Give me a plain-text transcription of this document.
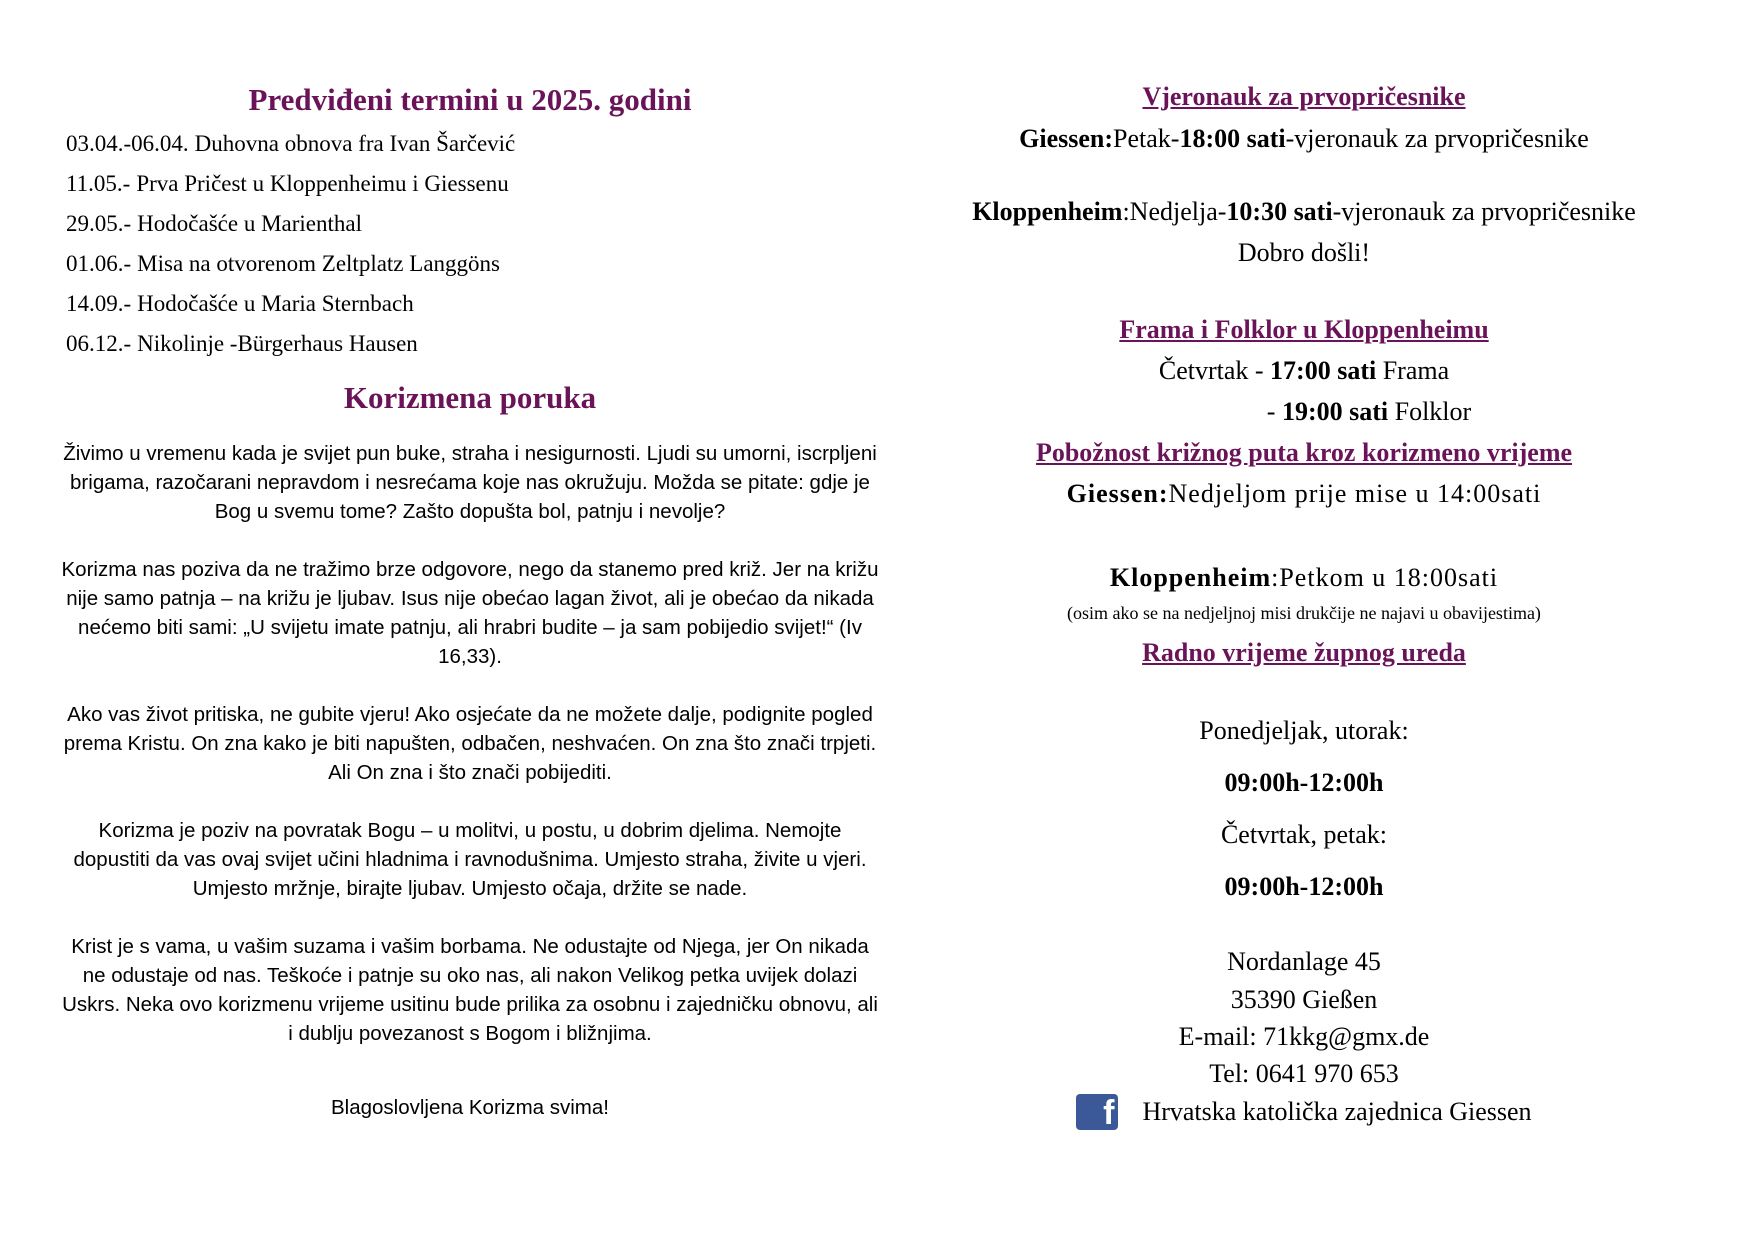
Predviđeni termini u 2025. godini
03.04.-06.04. Duhovna obnova fra Ivan Šarčević
11.05.- Prva Pričest u Kloppenheimu i Giessenu
29.05.- Hodočašće u Marienthal
01.06.- Misa na otvorenom Zeltplatz Langgöns
14.09.- Hodočašće u Maria Sternbach
06.12.- Nikolinje -Bürgerhaus Hausen
Korizmena poruka

Živimo u vremenu kada je svijet pun buke, straha i nesigurnosti. Ljudi su umorni, iscrpljeni brigama, razočarani nepravdom i nesrećama koje nas okružuju. Možda se pitate: gdje je Bog u svemu tome? Zašto dopušta bol, patnju i nevolje?

Korizma nas poziva da ne tražimo brze odgovore, nego da stanemo pred križ. Jer na križu nije samo patnja – na križu je ljubav. Isus nije obećao lagan život, ali je obećao da nikada nećemo biti sami: „U svijetu imate patnju, ali hrabri budite – ja sam pobijedio svijet!“ (Iv 16,33).

Ako vas život pritiska, ne gubite vjeru! Ako osjećate da ne možete dalje, podignite pogled prema Kristu. On zna kako je biti napušten, odbačen, neshvaćen. On zna što znači trpjeti. Ali On zna i što znači pobijediti.

Korizma je poziv na povratak Bogu – u molitvi, u postu, u dobrim djelima. Nemojte dopustiti da vas ovaj svijet učini hladnima i ravnodušnima. Umjesto straha, živite u vjeri. Umjesto mržnje, birajte ljubav. Umjesto očaja, držite se nade.

Krist je s vama, u vašim suzama i vašim borbama. Ne odustajte od Njega, jer On nikada ne odustaje od nas. Teškoće i patnje su oko nas, ali nakon Velikog petka uvijek dolazi Uskrs. Neka ovo korizmenu vrijeme usitinu bude prilika za osobnu i zajedničku obnovu, ali i dublju povezanost s Bogom i bližnjima.

Blagoslovljena Korizma svima!
Vjeronauk za prvopričesnike
Giessen:Petak-18:00 sati-vjeronauk za prvopričesnike
Kloppenheim:Nedjelja-10:30 sati-vjeronauk za prvopričesnike
Dobro došli!
Frama i Folklor u Kloppenheimu
Četvrtak - 17:00 sati Frama
- 19:00 sati Folklor
Pobožnost križnog puta kroz korizmeno vrijeme
Giessen:Nedjeljom prije mise u 14:00sati
Kloppenheim:Petkom u 18:00sati
(osim ako se na nedjeljnoj misi drukčije ne najavi u obavijestima)
Radno vrijeme župnog ureda
Ponedjeljak, utorak:
09:00h-12:00h
Četvrtak, petak:
09:00h-12:00h
Nordanlage 45
35390 Gießen
E-mail: 71kkg@gmx.de
Tel: 0641 970 653
f Hrvatska katolička zajednica Giessen
